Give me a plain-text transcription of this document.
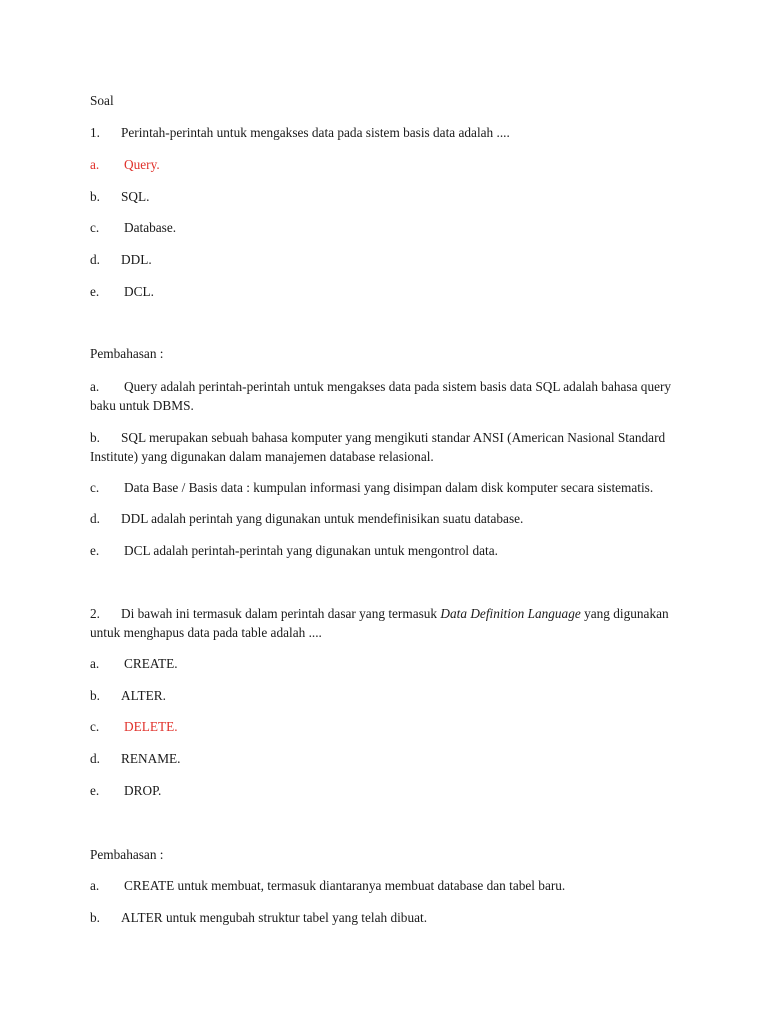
Soal
1. Perintah-perintah untuk mengakses data pada sistem basis data adalah ....
a. Query.
b. SQL.
c. Database.
d. DDL.
e. DCL.
Pembahasan :
a. Query adalah perintah-perintah untuk mengakses data pada sistem basis data SQL adalah bahasa query baku untuk DBMS.
b. SQL merupakan sebuah bahasa komputer yang mengikuti standar ANSI (American Nasional Standard Institute) yang digunakan dalam manajemen database relasional.
c. Data Base / Basis data : kumpulan informasi yang disimpan dalam disk komputer secara sistematis.
d. DDL adalah perintah yang digunakan untuk mendefinisikan suatu database.
e. DCL adalah perintah-perintah yang digunakan untuk mengontrol data.
2. Di bawah ini termasuk dalam perintah dasar yang termasuk Data Definition Language yang digunakan untuk menghapus data pada table adalah ....
a. CREATE.
b. ALTER.
c. DELETE.
d. RENAME.
e. DROP.
Pembahasan :
a. CREATE untuk membuat, termasuk diantaranya membuat database dan tabel baru.
b. ALTER untuk mengubah struktur tabel yang telah dibuat.
